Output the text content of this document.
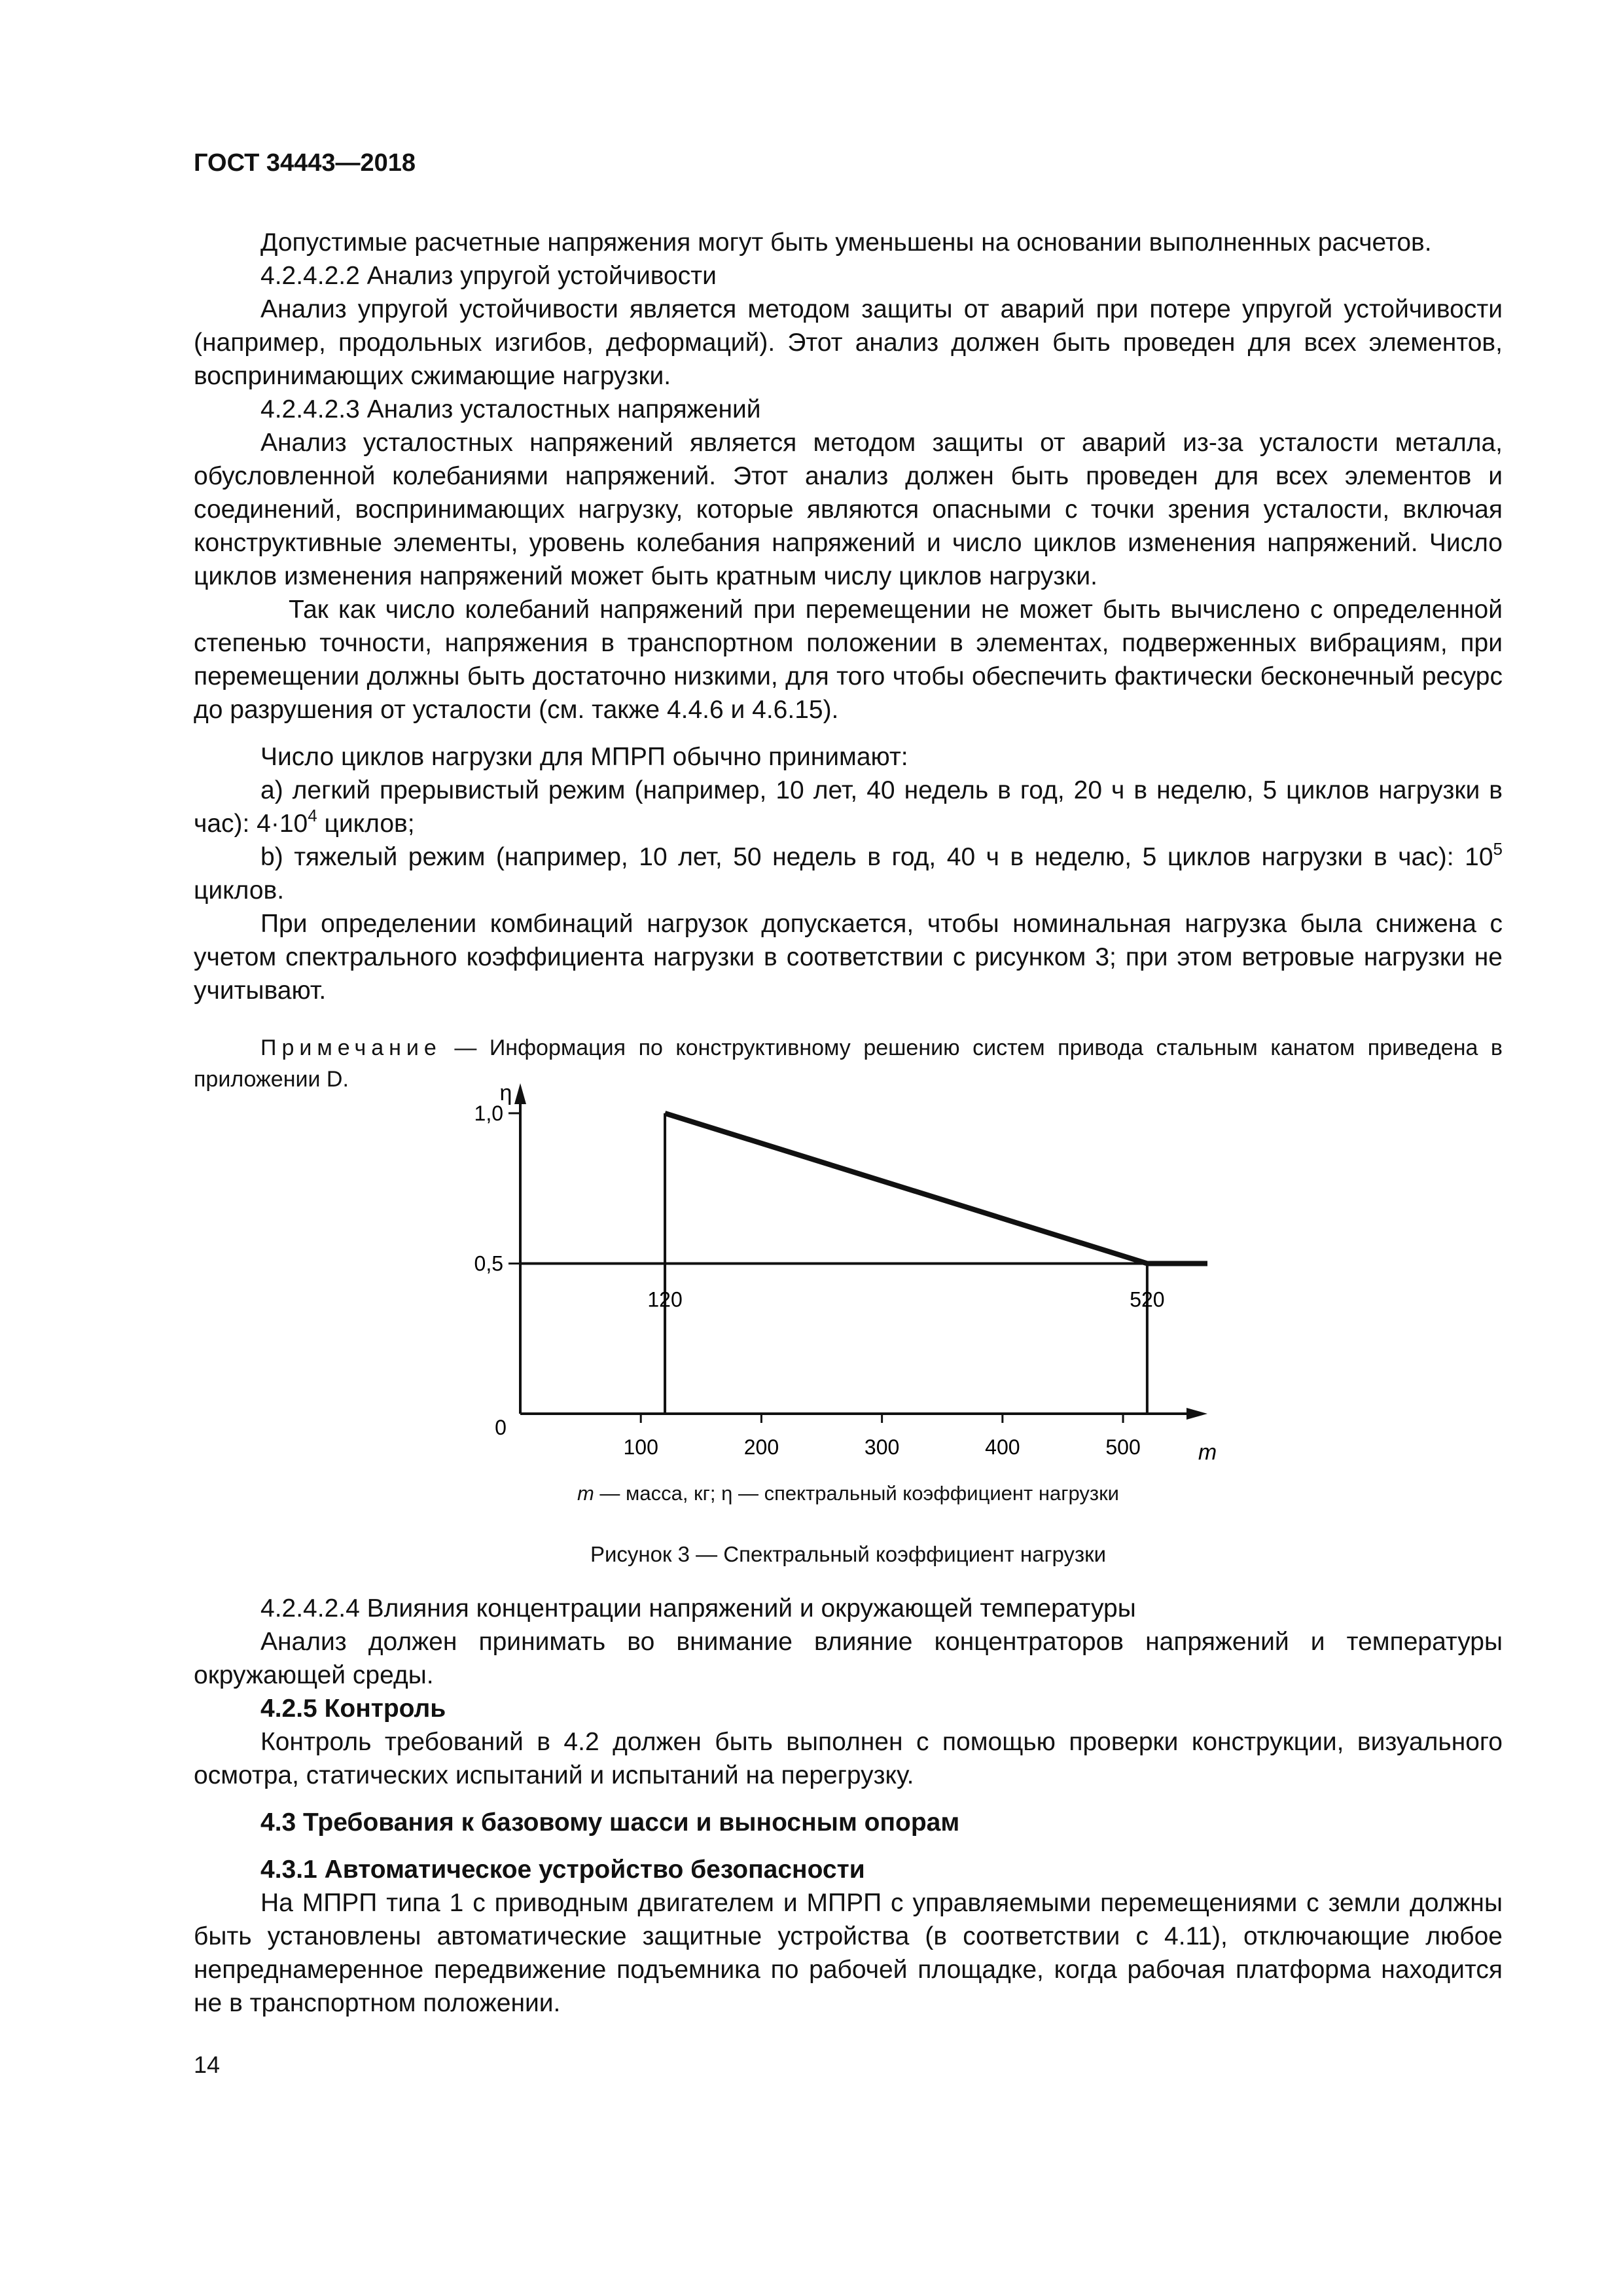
ГОСТ 34443—2018

Допустимые расчетные напряжения могут быть уменьшены на основании выполненных расчетов.

4.2.4.2.2 Анализ упругой устойчивости

Анализ упругой устойчивости является методом защиты от аварий при потере упругой устойчивости (например, продольных изгибов, деформаций). Этот анализ должен быть проведен для всех элементов, воспринимающих сжимающие нагрузки.

4.2.4.2.3 Анализ усталостных напряжений

Анализ усталостных напряжений является методом защиты от аварий из-за усталости металла, обусловленной колебаниями напряжений. Этот анализ должен быть проведен для всех элементов и соединений, воспринимающих нагрузку, которые являются опасными с точки зрения усталости, включая конструктивные элементы, уровень колебания напряжений и число циклов изменения напряжений. Число циклов изменения напряжений может быть кратным числу циклов нагрузки.

Так как число колебаний напряжений при перемещении не может быть вычислено с определенной степенью точности, напряжения в транспортном положении в элементах, подверженных вибрациям, при перемещении должны быть достаточно низкими, для того чтобы обеспечить фактически бесконечный ресурс до разрушения от усталости (см. также 4.4.6 и 4.6.15).

Число циклов нагрузки для МПРП обычно принимают:

a) легкий прерывистый режим (например, 10 лет, 40 недель в год, 20 ч в неделю, 5 циклов нагрузки в час): $4\cdot 10^4$ циклов;

b) тяжелый режим (например, 10 лет, 50 недель в год, 40 ч в неделю, 5 циклов нагрузки в час): $10^5$ циклов.

При определении комбинаций нагрузок допускается, чтобы номинальная нагрузка была снижена с учетом спектрального коэффициента нагрузки в соответствии с рисунком 3; при этом ветровые нагрузки не учитывают.

Примечание — Информация по конструктивному решению систем привода стальным канатом приведена в приложении D.

η
m
0
100	200	300	400	500
0,5
1,0
120	520

m — масса, кг; η — спектральный коэффициент нагрузки

Рисунок 3 — Спектральный коэффициент нагрузки

4.2.4.2.4 Влияния концентрации напряжений и окружающей температуры

Анализ должен принимать во внимание влияние концентраторов напряжений и температуры окружающей среды.

4.2.5 Контроль

Контроль требований в 4.2 должен быть выполнен с помощью проверки конструкции, визуального осмотра, статических испытаний и испытаний на перегрузку.

4.3 Требования к базовому шасси и выносным опорам

4.3.1 Автоматическое устройство безопасности

На МПРП типа 1 с приводным двигателем и МПРП с управляемыми перемещениями с земли должны быть установлены автоматические защитные устройства (в соответствии с 4.11), отключающие любое непреднамеренное передвижение подъемника по рабочей площадке, когда рабочая платформа находится не в транспортном положении.

14
